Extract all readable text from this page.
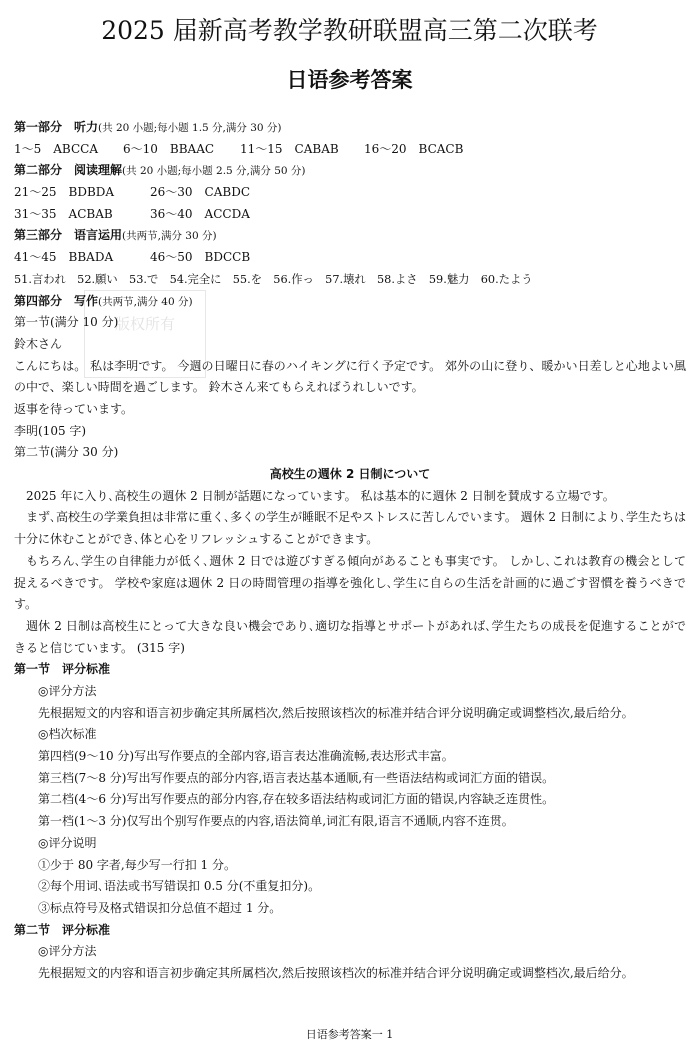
2025 届新高考教学教研联盟高三第二次联考
日语参考答案
版权所有
第一部分　听力(共 20 小题;每小题 1.5 分,满分 30 分)
1～5　ABCCA 6～10　BBAAC 11～15　CABAB 16～20　BCACB
第二部分　阅读理解(共 20 小题;每小题 2.5 分,满分 50 分)
21～25　BDBDA	26～30　CABDC
31～35　ACBAB	36～40　ACCDA
第三部分　语言运用(共两节,满分 30 分)
41～45　BBADA	46～50　BDCCB
51.言われ　52.願い　53.で　54.完全に　55.を　56.作っ　57.壊れ　58.よさ　59.魅力　60.たよう
第四部分　写作(共两节,满分 40 分)
第一节(满分 10 分)
鈴木さん
こんにちは。 私は李明です。 今週の日曜日に春のハイキングに行く予定です。 郊外の山に登り、暖かい日差しと心地よい風の中で、楽しい時間を過ごします。 鈴木さん来てもらえればうれしいです。
返事を待っています。
李明(105 字)
第二节(满分 30 分)
高校生の週休 2 日制について
2025 年に入り､高校生の週休 2 日制が話題になっています。 私は基本的に週休 2 日制を賛成する立場です。
まず､高校生の学業負担は非常に重く､多くの学生が睡眠不足やストレスに苦しんでいます。 週休 2 日制により､学生たちは十分に休むことができ､体と心をリフレッシュすることができます。
もちろん､学生の自律能力が低く､週休 2 日では遊びすぎる傾向があることも事実です。 しかし､これは教育の機会として捉えるべきです。 学校や家庭は週休 2 日の時間管理の指導を強化し､学生に自らの生活を計画的に過ごす習慣を養うべきです。
週休 2 日制は高校生にとって大きな良い機会であり､適切な指導とサポートがあれば､学生たちの成長を促進することができると信じています。 (315 字)
第一节　评分标准
◎评分方法
先根据短文的内容和语言初步确定其所属档次,然后按照该档次的标准并结合评分说明确定或调整档次,最后给分。
◎档次标准
第四档(9～10 分)写出写作要点的全部内容,语言表达准确流畅,表达形式丰富。
第三档(7～8 分)写出写作要点的部分内容,语言表达基本通顺,有一些语法结构或词汇方面的错误。
第二档(4～6 分)写出写作要点的部分内容,存在较多语法结构或词汇方面的错误,内容缺乏连贯性。
第一档(1～3 分)仅写出个别写作要点的内容,语法简单,词汇有限,语言不通顺,内容不连贯。
◎评分说明
①少于 80 字者,每少写一行扣 1 分。
②每个用词､语法或书写错误扣 0.5 分(不重复扣分)。
③标点符号及格式错误扣分总值不超过 1 分。
第二节　评分标准
◎评分方法
先根据短文的内容和语言初步确定其所属档次,然后按照该档次的标准并结合评分说明确定或调整档次,最后给分。
日语参考答案一 1
